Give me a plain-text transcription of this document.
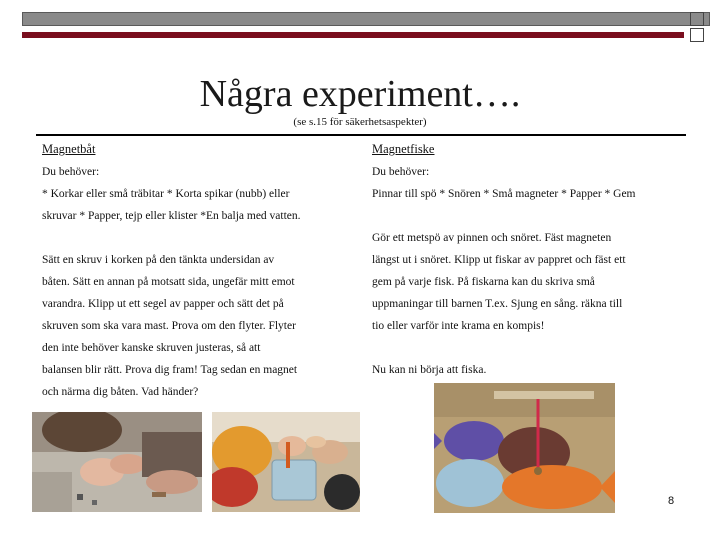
Några experiment….
(se s.15 för säkerhetsaspekter)
Magnetbåt
Du behöver:
* Korkar eller små träbitar * Korta spikar (nubb) eller
skruvar * Papper, tejp eller klister *En balja med vatten.
Sätt en skruv i korken på den tänkta undersidan av
båten. Sätt en annan på motsatt sida, ungefär mitt emot
varandra. Klipp ut ett segel av papper och sätt det på
skruven som ska vara mast. Prova om den flyter. Flyter
den inte behöver kanske skruven justeras, så att
balansen blir rätt. Prova dig fram! Tag sedan en magnet
och närma dig båten. Vad händer?
Magnetfiske
Du behöver:
Pinnar till spö * Snören * Små magneter * Papper * Gem
Gör ett metspö av pinnen och snöret. Fäst magneten
längst ut i snöret. Klipp ut fiskar av pappret och fäst ett
gem på varje fisk. På fiskarna kan du skriva små
uppmaningar till barnen T.ex. Sjung en sång. räkna till
tio eller varför inte krama en kompis!
Nu kan ni börja att fiska.
8
